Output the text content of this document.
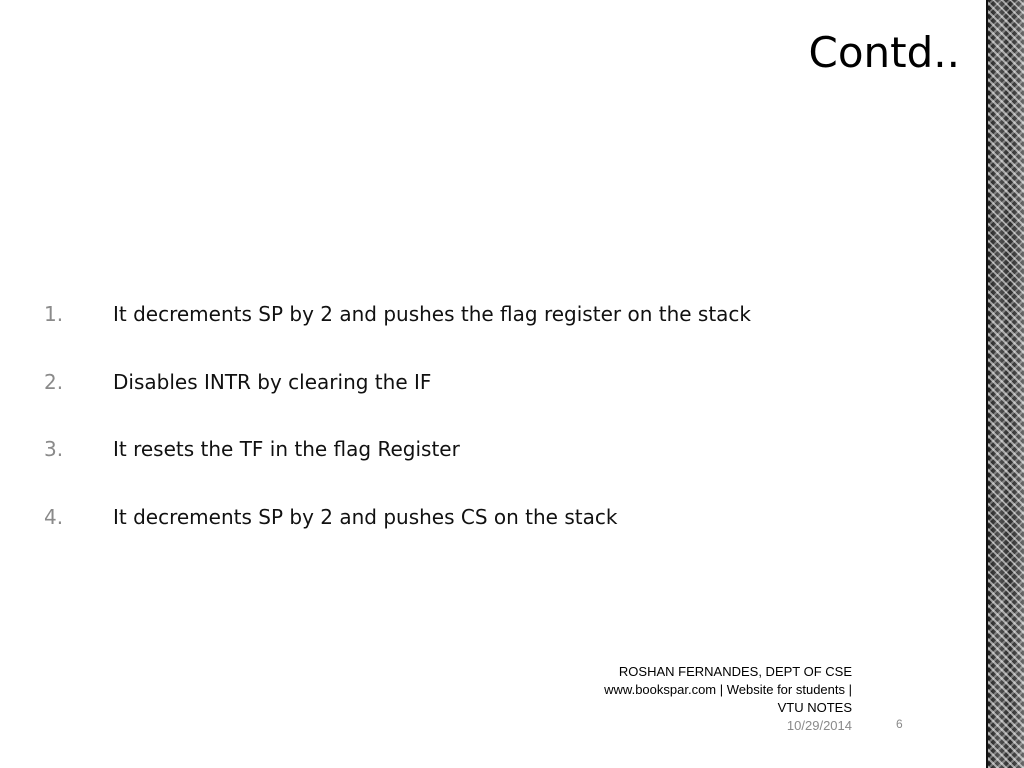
Contd..
1.	It decrements SP by 2 and pushes the flag register on the stack
2.	Disables INTR by clearing the IF
3.	It resets the TF in the flag Register
4.	It decrements SP by 2 and pushes CS on the stack
ROSHAN FERNANDES, DEPT OF CSE
www.bookspar.com | Website for students |
VTU NOTES
10/29/2014	6
